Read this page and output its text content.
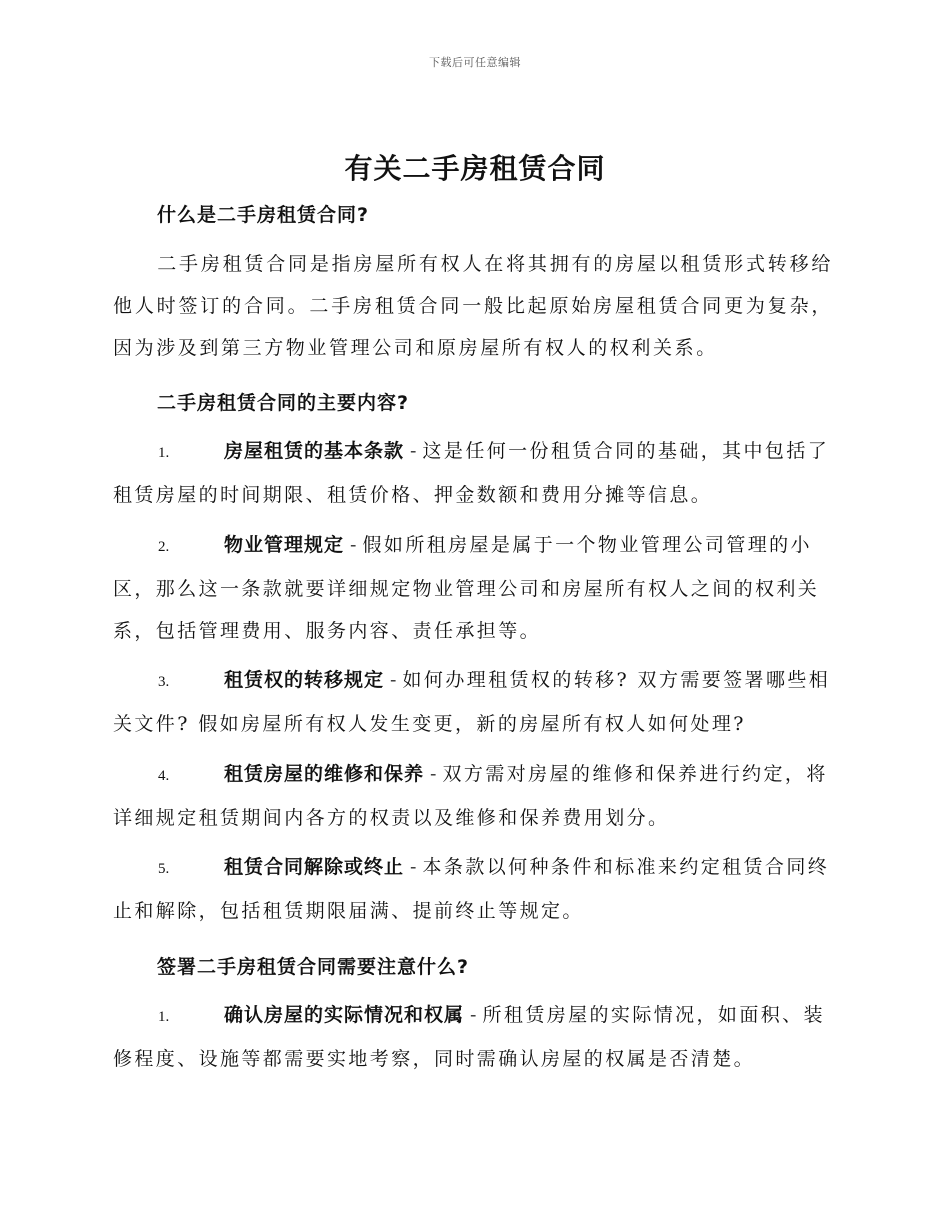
下载后可任意编辑
有关二手房租赁合同
什么是二手房租赁合同?

二手房租赁合同是指房屋所有权人在将其拥有的房屋以租赁形式转移给他人时签订的合同。二手房租赁合同一般比起原始房屋租赁合同更为复杂，因为涉及到第三方物业管理公司和原房屋所有权人的权利关系。

二手房租赁合同的主要内容?

1.	房屋租赁的基本条款 - 这是任何一份租赁合同的基础，其中包括了租赁房屋的时间期限、租赁价格、押金数额和费用分摊等信息。

2.	物业管理规定 - 假如所租房屋是属于一个物业管理公司管理的小区，那么这一条款就要详细规定物业管理公司和房屋所有权人之间的权利关系，包括管理费用、服务内容、责任承担等。

3.	租赁权的转移规定 - 如何办理租赁权的转移? 双方需要签署哪些相关文件? 假如房屋所有权人发生变更，新的房屋所有权人如何处理?

4.	租赁房屋的维修和保养 - 双方需对房屋的维修和保养进行约定，将详细规定租赁期间内各方的权责以及维修和保养费用划分。

5.	租赁合同解除或终止 - 本条款以何种条件和标准来约定租赁合同终止和解除，包括租赁期限届满、提前终止等规定。

签署二手房租赁合同需要注意什么?

1.	确认房屋的实际情况和权属 - 所租赁房屋的实际情况，如面积、装修程度、设施等都需要实地考察，同时需确认房屋的权属是否清楚。
